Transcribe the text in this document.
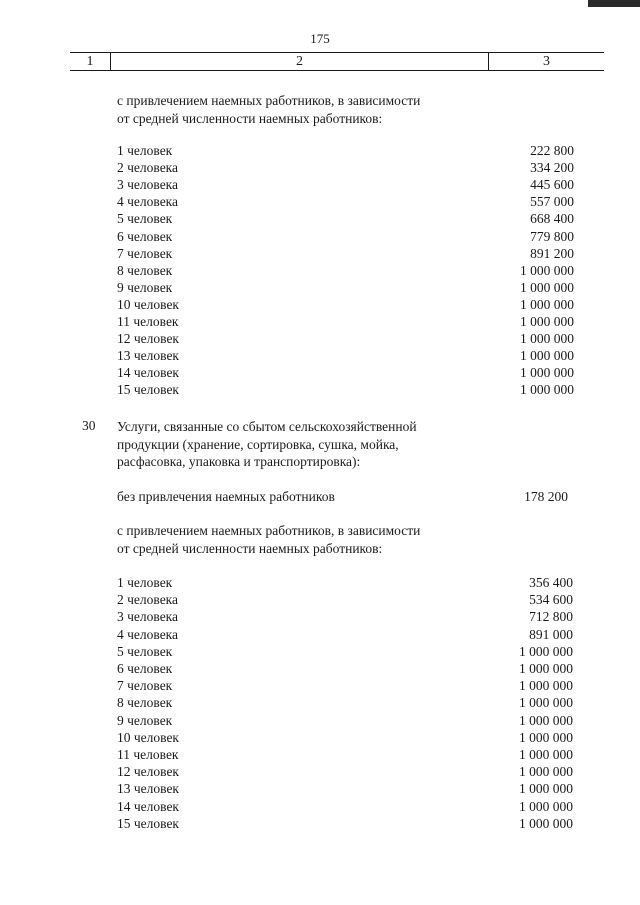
175
1	2	3

с привлечением наемных работников, в зависимости
от средней численности наемных работников:

1 человек	222 800
2 человека	334 200
3 человека	445 600
4 человека	557 000
5 человек	668 400
6 человек	779 800
7 человек	891 200
8 человек	1 000 000
9 человек	1 000 000
10 человек	1 000 000
11 человек	1 000 000
12 человек	1 000 000
13 человек	1 000 000
14 человек	1 000 000
15 человек	1 000 000
30 Услуги, связанные со сбытом сельскохозяйственной
продукции (хранение, сортировка, сушка, мойка,
расфасовка, упаковка и транспортировка):

без привлечения наемных работников	178 200

с привлечением наемных работников, в зависимости
от средней численности наемных работников:

1 человек	356 400
2 человека	534 600
3 человека	712 800
4 человека	891 000
5 человек	1 000 000
6 человек	1 000 000
7 человек	1 000 000
8 человек	1 000 000
9 человек	1 000 000
10 человек	1 000 000
11 человек	1 000 000
12 человек	1 000 000
13 человек	1 000 000
14 человек	1 000 000
15 человек	1 000 000
